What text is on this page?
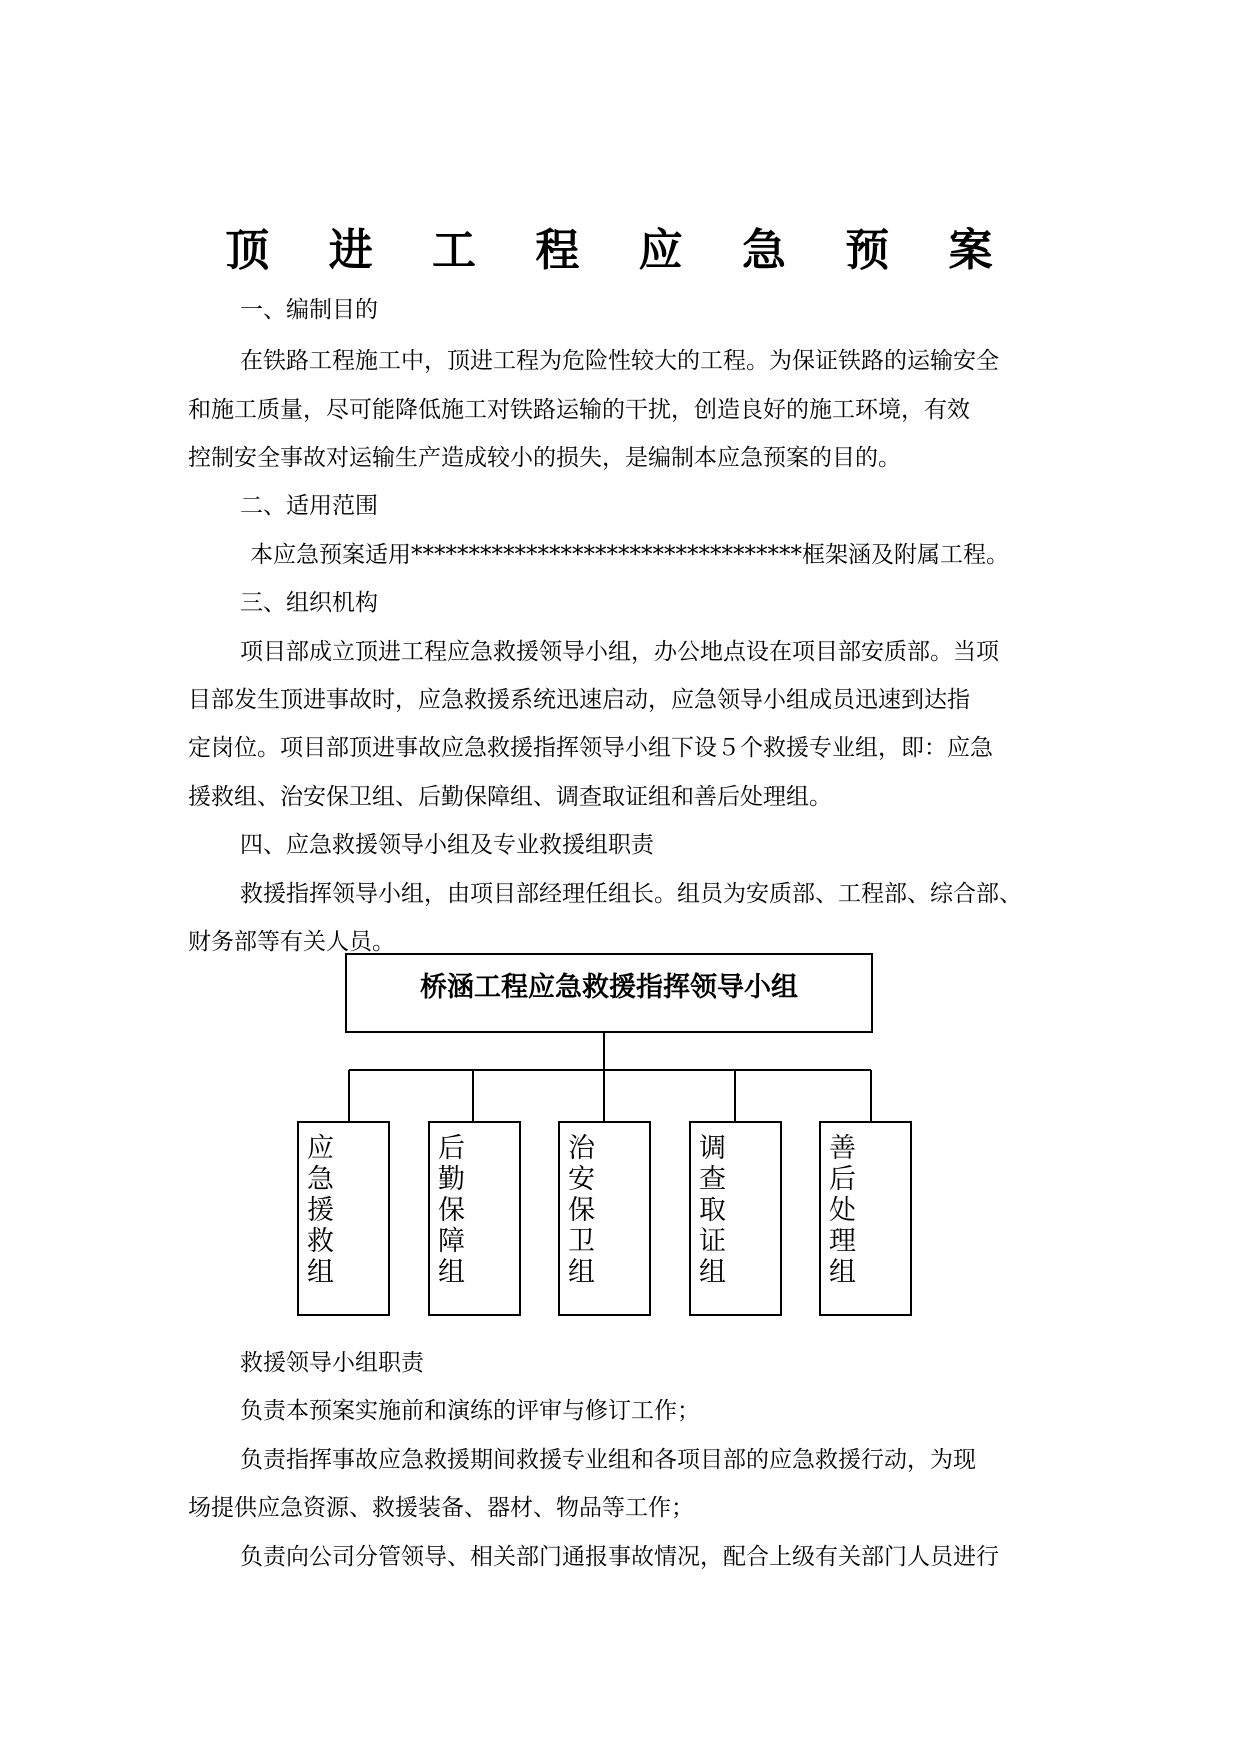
顶 进 工 程 应 急 预 案

一、编制目的

在铁路工程施工中，顶进工程为危险性较大的工程。为保证铁路的运输安全

和施工质量，尽可能降低施工对铁路运输的干扰，创造良好的施工环境，有效

控制安全事故对运输生产造成较小的损失，是编制本应急预案的目的。

二、适用范围

本应急预案适用**********************************框架涵及附属工程。

三、组织机构

项目部成立顶进工程应急救援领导小组，办公地点设在项目部安质部。当项

目部发生顶进事故时，应急救援系统迅速启动，应急领导小组成员迅速到达指

定岗位。项目部顶进事故应急救援指挥领导小组下设５个救援专业组，即：应急

援救组、治安保卫组、后勤保障组、调查取证组和善后处理组。

四、应急救援领导小组及专业救援组职责

救援指挥领导小组，由项目部经理任组长。组员为安质部、工程部、综合部、

财务部等有关人员。

桥涵工程应急救援指挥领导小组
应急援救组
后勤保障组
治安保卫组
调查取证组
善后处理组

救援领导小组职责

负责本预案实施前和演练的评审与修订工作；

负责指挥事故应急救援期间救援专业组和各项目部的应急救援行动，为现

场提供应急资源、救援装备、器材、物品等工作；

负责向公司分管领导、相关部门通报事故情况，配合上级有关部门人员进行
